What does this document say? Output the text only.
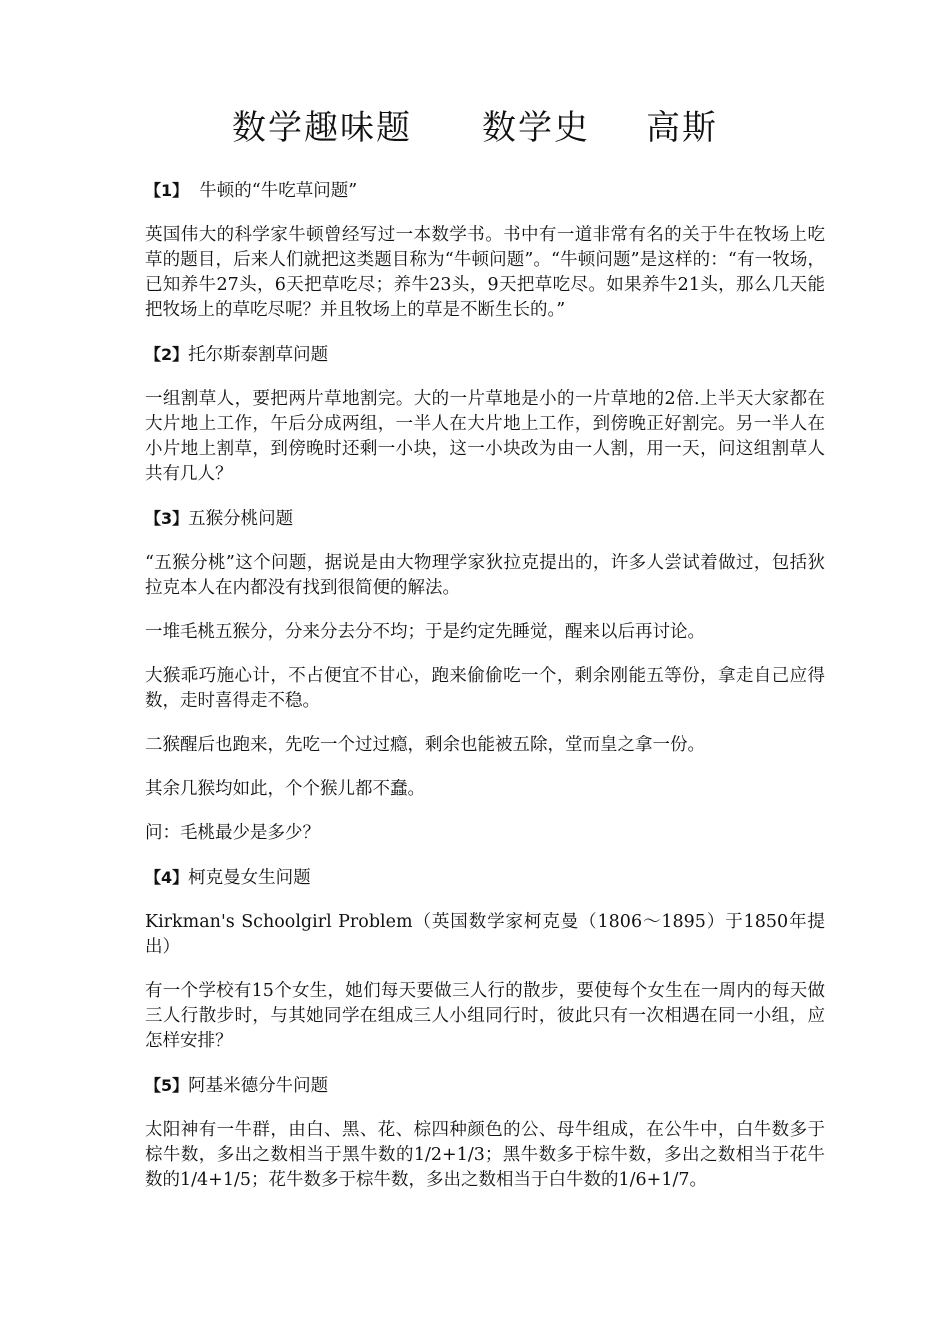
数学趣味题 数学史 高斯
【1】 牛顿的“牛吃草问题”
英国伟大的科学家牛顿曾经写过一本数学书。书中有一道非常有名的关于牛在牧场上吃草的题目，后来人们就把这类题目称为“牛顿问题”。“牛顿问题”是这样的：“有一牧场，已知养牛27头，6天把草吃尽；养牛23头，9天把草吃尽。如果养牛21头，那么几天能把牧场上的草吃尽呢？并且牧场上的草是不断生长的。”
【2】托尔斯泰割草问题
一组割草人，要把两片草地割完。大的一片草地是小的一片草地的2倍.上半天大家都在大片地上工作，午后分成两组，一半人在大片地上工作，到傍晚正好割完。另一半人在小片地上割草，到傍晚时还剩一小块，这一小块改为由一人割，用一天，问这组割草人共有几人？
【3】五猴分桃问题
“五猴分桃”这个问题，据说是由大物理学家狄拉克提出的，许多人尝试着做过，包括狄拉克本人在内都没有找到很简便的解法。
一堆毛桃五猴分，分来分去分不均；于是约定先睡觉，醒来以后再讨论。
大猴乖巧施心计，不占便宜不甘心，跑来偷偷吃一个，剩余刚能五等份，拿走自己应得数，走时喜得走不稳。
二猴醒后也跑来，先吃一个过过瘾，剩余也能被五除，堂而皇之拿一份。
其余几猴均如此，个个猴儿都不蠢。
问：毛桃最少是多少？
【4】柯克曼女生问题
Kirkman's Schoolgirl Problem（英国数学家柯克曼（1806～1895）于1850年提出）
有一个学校有15个女生，她们每天要做三人行的散步，要使每个女生在一周内的每天做三人行散步时，与其她同学在组成三人小组同行时，彼此只有一次相遇在同一小组，应怎样安排？
【5】阿基米德分牛问题
太阳神有一牛群，由白、黑、花、棕四种颜色的公、母牛组成，在公牛中，白牛数多于棕牛数，多出之数相当于黑牛数的1/2+1/3；黑牛数多于棕牛数，多出之数相当于花牛数的1/4+1/5；花牛数多于棕牛数，多出之数相当于白牛数的1/6+1/7。
